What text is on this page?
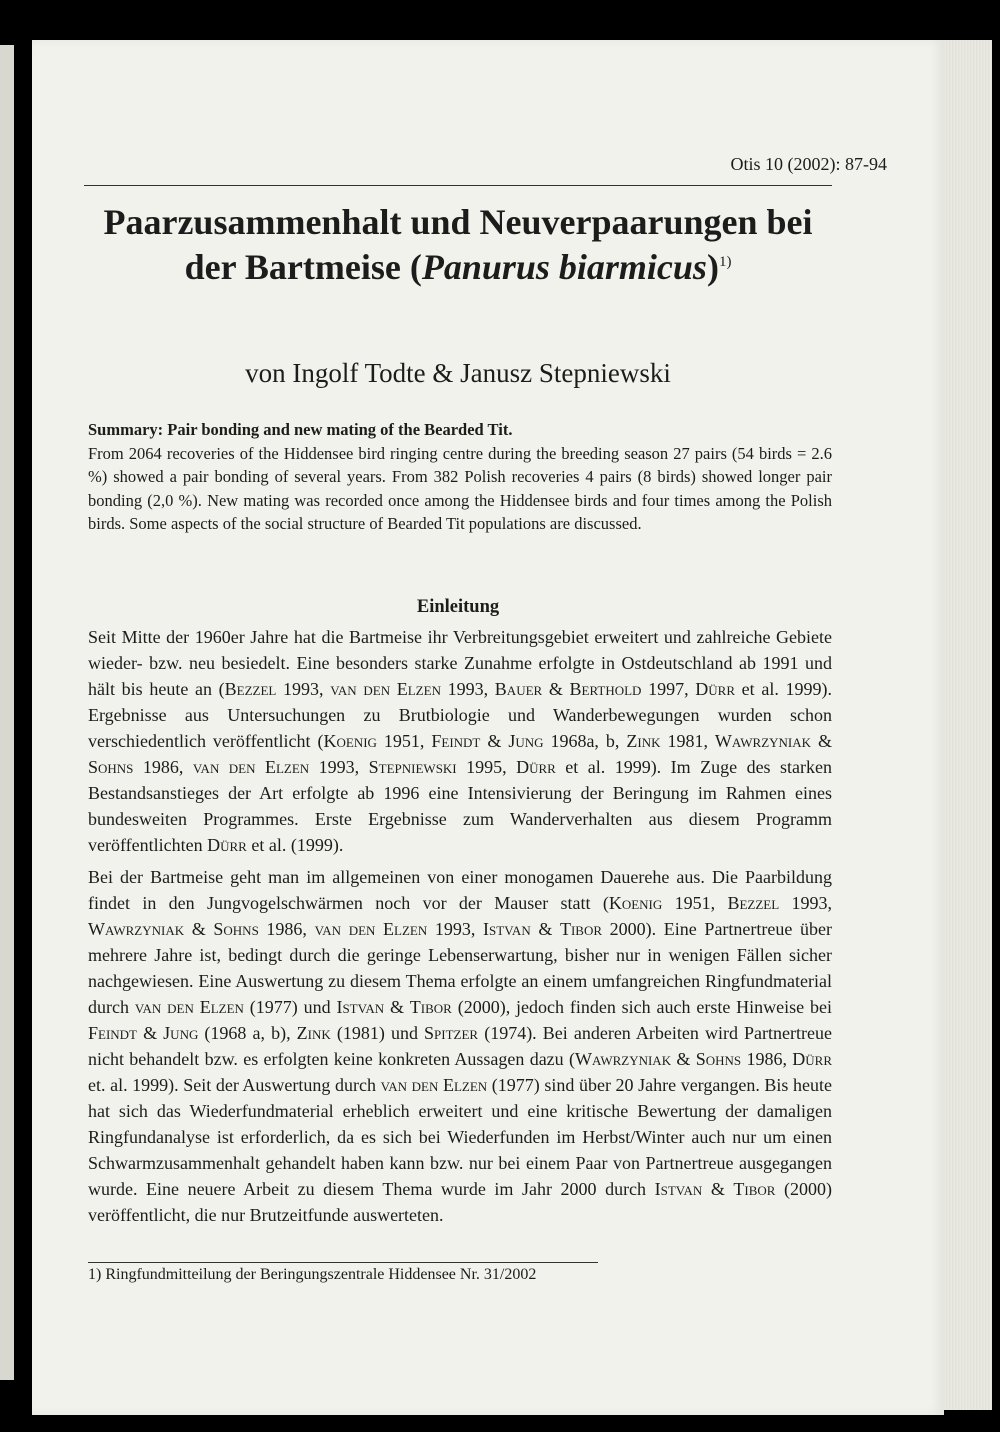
Otis 10 (2002): 87-94
Paarzusammenhalt und Neuverpaarungen bei
der Bartmeise (Panurus biarmicus)$^{1)}$
von Ingolf Todte & Janusz Stepniewski
Summary: Pair bonding and new mating of the Bearded Tit.
From 2064 recoveries of the Hiddensee bird ringing centre during the breeding season 27 pairs (54 birds = 2.6 %) showed a pair bonding of several years. From 382 Polish recoveries 4 pairs (8 birds) showed longer pair bonding (2,0 %). New mating was recorded once among the Hiddensee birds and four times among the Polish birds. Some aspects of the social structure of Bearded Tit populations are discussed.
Einleitung

Seit Mitte der 1960er Jahre hat die Bartmeise ihr Verbreitungsgebiet erweitert und zahlreiche Gebiete wieder- bzw. neu besiedelt. Eine besonders starke Zunahme erfolgte in Ostdeutschland ab 1991 und hält bis heute an (Bezzel 1993, van den Elzen 1993, Bauer & Berthold 1997, Dürr et al. 1999). Ergebnisse aus Untersuchungen zu Brutbiologie und Wanderbewegungen wurden schon verschiedentlich veröffentlicht (Koenig 1951, Feindt & Jung 1968a, b, Zink 1981, Wawrzyniak & Sohns 1986, van den Elzen 1993, Stepniewski 1995, Dürr et al. 1999). Im Zuge des starken Bestandsanstieges der Art erfolgte ab 1996 eine Intensivierung der Beringung im Rahmen eines bundesweiten Programmes. Erste Ergebnisse zum Wanderverhalten aus diesem Programm veröffentlichten Dürr et al. (1999).

Bei der Bartmeise geht man im allgemeinen von einer monogamen Dauerehe aus. Die Paarbildung findet in den Jungvogelschwärmen noch vor der Mauser statt (Koenig 1951, Bezzel 1993, Wawrzyniak & Sohns 1986, van den Elzen 1993, Istvan & Tibor 2000). Eine Partnertreue über mehrere Jahre ist, bedingt durch die geringe Lebenserwartung, bisher nur in wenigen Fällen sicher nachgewiesen. Eine Auswertung zu diesem Thema erfolgte an einem umfangreichen Ringfundmaterial durch van den Elzen (1977) und Istvan & Tibor (2000), jedoch finden sich auch erste Hinweise bei Feindt & Jung (1968 a, b), Zink (1981) und Spitzer (1974). Bei anderen Arbeiten wird Partnertreue nicht behandelt bzw. es erfolgten keine konkreten Aussagen dazu (Wawrzyniak & Sohns 1986, Dürr et. al. 1999). Seit der Auswertung durch van den Elzen (1977) sind über 20 Jahre vergangen. Bis heute hat sich das Wiederfundmaterial erheblich erweitert und eine kritische Bewertung der damaligen Ringfundanalyse ist erforderlich, da es sich bei Wiederfunden im Herbst/Winter auch nur um einen Schwarmzusammenhalt gehandelt haben kann bzw. nur bei einem Paar von Partnertreue ausgegangen wurde. Eine neuere Arbeit zu diesem Thema wurde im Jahr 2000 durch Istvan & Tibor (2000) veröffentlicht, die nur Brutzeitfunde auswerteten.

1) Ringfundmitteilung der Beringungszentrale Hiddensee Nr. 31/2002
